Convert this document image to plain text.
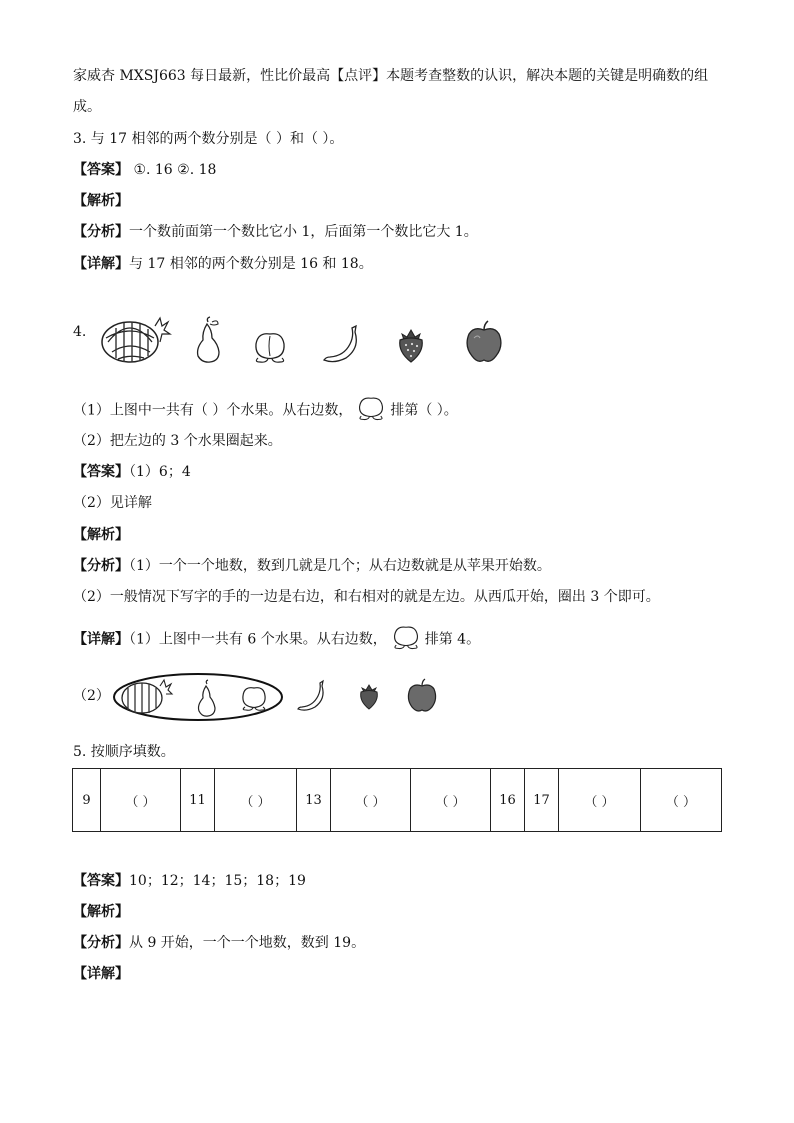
家威杏 MXSJ663 每日最新，性比价最高【点评】本题考查整数的认识，解决本题的关键是明确数的组
成。
3. 与 17 相邻的两个数分别是（ ）和（ ）。
【答案】 ①. 16 ②. 18
【解析】
【分析】一个数前面第一个数比它小 1，后面第一个数比它大 1。
【详解】与 17 相邻的两个数分别是 16 和 18。
4.
（1）上图中一共有（ ）个水果。从右边数，	排第（ ）。
（2）把左边的 3 个水果圈起来。
【答案】（1）6；4
（2）见详解
【解析】
【分析】（1）一个一个地数，数到几就是几个；从右边数就是从苹果开始数。
（2）一般情况下写字的手的一边是右边，和右相对的就是左边。从西瓜开始，圈出 3 个即可。
【详解】（1）上图中一共有 6 个水果。从右边数，	排第 4。
（2）
5. 按顺序填数。
9	（ ）	11	（ ）	13	（ ）	（ ）	16	17	（ ）	（ ）
【答案】10；12；14；15；18；19
【解析】
【分析】从 9 开始，一个一个地数，数到 19。
【详解】
